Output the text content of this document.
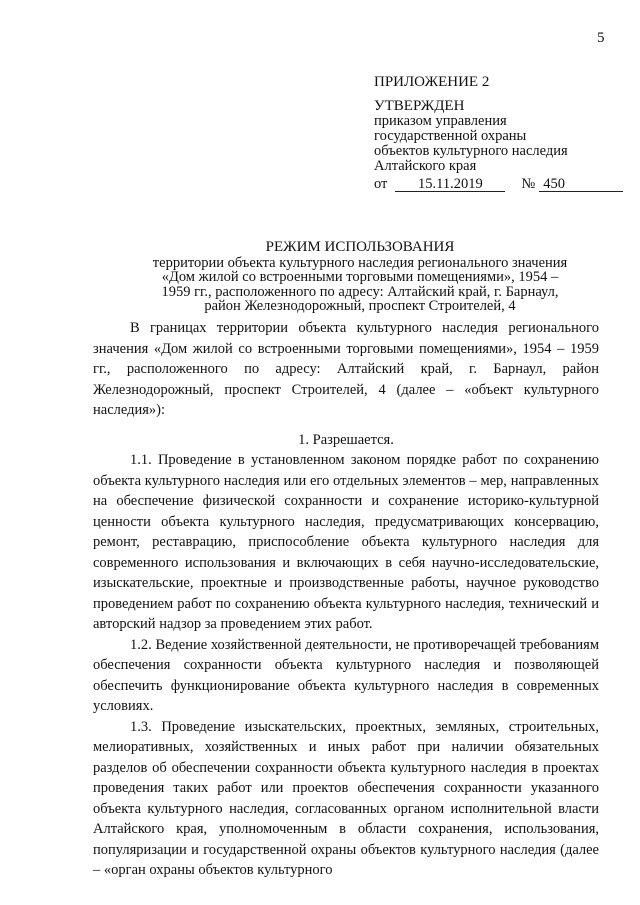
5
ПРИЛОЖЕНИЕ 2
УТВЕРЖДЕН
приказом управления
государственной охраны
объектов культурного наследия
Алтайского края
от 15.11.2019	№ 450
РЕЖИМ ИСПОЛЬЗОВАНИЯ
территории объекта культурного наследия регионального значения
«Дом жилой со встроенными торговыми помещениями», 1954 –
1959 гг., расположенного по адресу: Алтайский край, г. Барнаул,
район Железнодорожный, проспект Строителей, 4

В границах территории объекта культурного наследия регионального значения «Дом жилой со встроенными торговыми помещениями», 1954 – 1959 гг., расположенного по адресу: Алтайский край, г. Барнаул, район Железнодорожный, проспект Строителей, 4 (далее – «объект культурного наследия»):

1. Разрешается.

1.1. Проведение в установленном законом порядке работ по сохранению объекта культурного наследия или его отдельных элементов – мер, направленных на обеспечение физической сохранности и сохранение историко-культурной ценности объекта культурного наследия, предусматривающих консервацию, ремонт, реставрацию, приспособление объекта культурного наследия для современного использования и включающих в себя научно-исследовательские, изыскательские, проектные и производственные работы, научное руководство проведением работ по сохранению объекта культурного наследия, технический и авторский надзор за проведением этих работ.

1.2. Ведение хозяйственной деятельности, не противоречащей требованиям обеспечения сохранности объекта культурного наследия и позволяющей обеспечить функционирование объекта культурного наследия в современных условиях.

1.3. Проведение изыскательских, проектных, земляных, строительных, мелиоративных, хозяйственных и иных работ при наличии обязательных разделов об обеспечении сохранности объекта культурного наследия в проектах проведения таких работ или проектов обеспечения сохранности указанного объекта культурного наследия, согласованных органом исполнительной власти Алтайского края, уполномоченным в области сохранения, использования, популяризации и государственной охраны объектов культурного наследия (далее – «орган охраны объектов культурного
